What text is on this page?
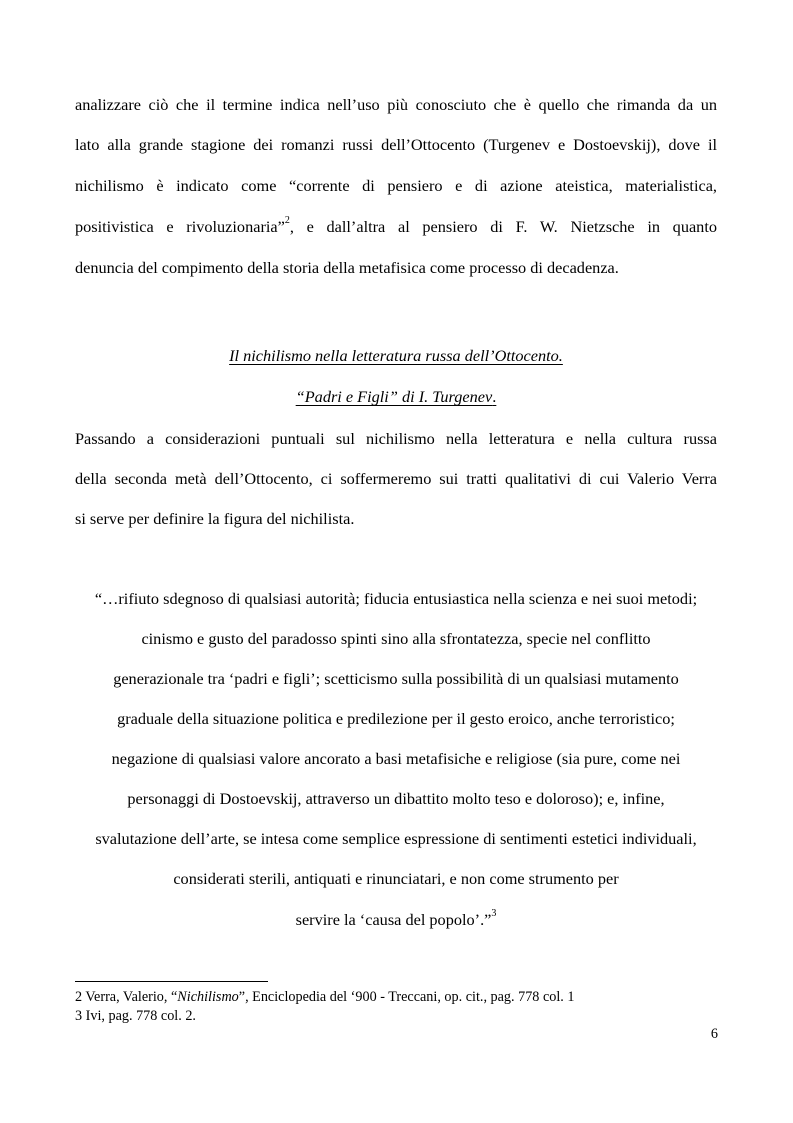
analizzare ciò che il termine indica nell’uso più conosciuto che è quello che rimanda da un
lato alla grande stagione dei romanzi russi dell’Ottocento (Turgenev e Dostoevskij), dove il
nichilismo è indicato come “corrente di pensiero e di azione ateistica, materialistica,
positivistica e rivoluzionaria”$^2$, e dall’altra al pensiero di F. W. Nietzsche in quanto
denuncia del compimento della storia della metafisica come processo di decadenza.
Il nichilismo nella letteratura russa dell’Ottocento.
“Padri e Figli” di I. Turgenev.
Passando a considerazioni puntuali sul nichilismo nella letteratura e nella cultura russa
della seconda metà dell’Ottocento, ci soffermeremo sui tratti qualitativi di cui Valerio Verra
si serve per definire la figura del nichilista.
“…rifiuto sdegnoso di qualsiasi autorità; fiducia entusiastica nella scienza e nei suoi metodi;
cinismo e gusto del paradosso spinti sino alla sfrontatezza, specie nel conflitto
generazionale tra ‘padri e figli’; scetticismo sulla possibilità di un qualsiasi mutamento
graduale della situazione politica e predilezione per il gesto eroico, anche terroristico;
negazione di qualsiasi valore ancorato a basi metafisiche e religiose (sia pure, come nei
personaggi di Dostoevskij, attraverso un dibattito molto teso e doloroso); e, infine,
svalutazione dell’arte, se intesa come semplice espressione di sentimenti estetici individuali,
considerati sterili, antiquati e rinunciatari, e non come strumento per
servire la ‘causa del popolo’.”$^3$
2 Verra, Valerio, “Nichilismo”, Enciclopedia del ‘900 - Treccani, op. cit., pag. 778 col. 1
3 Ivi, pag. 778 col. 2.
6
